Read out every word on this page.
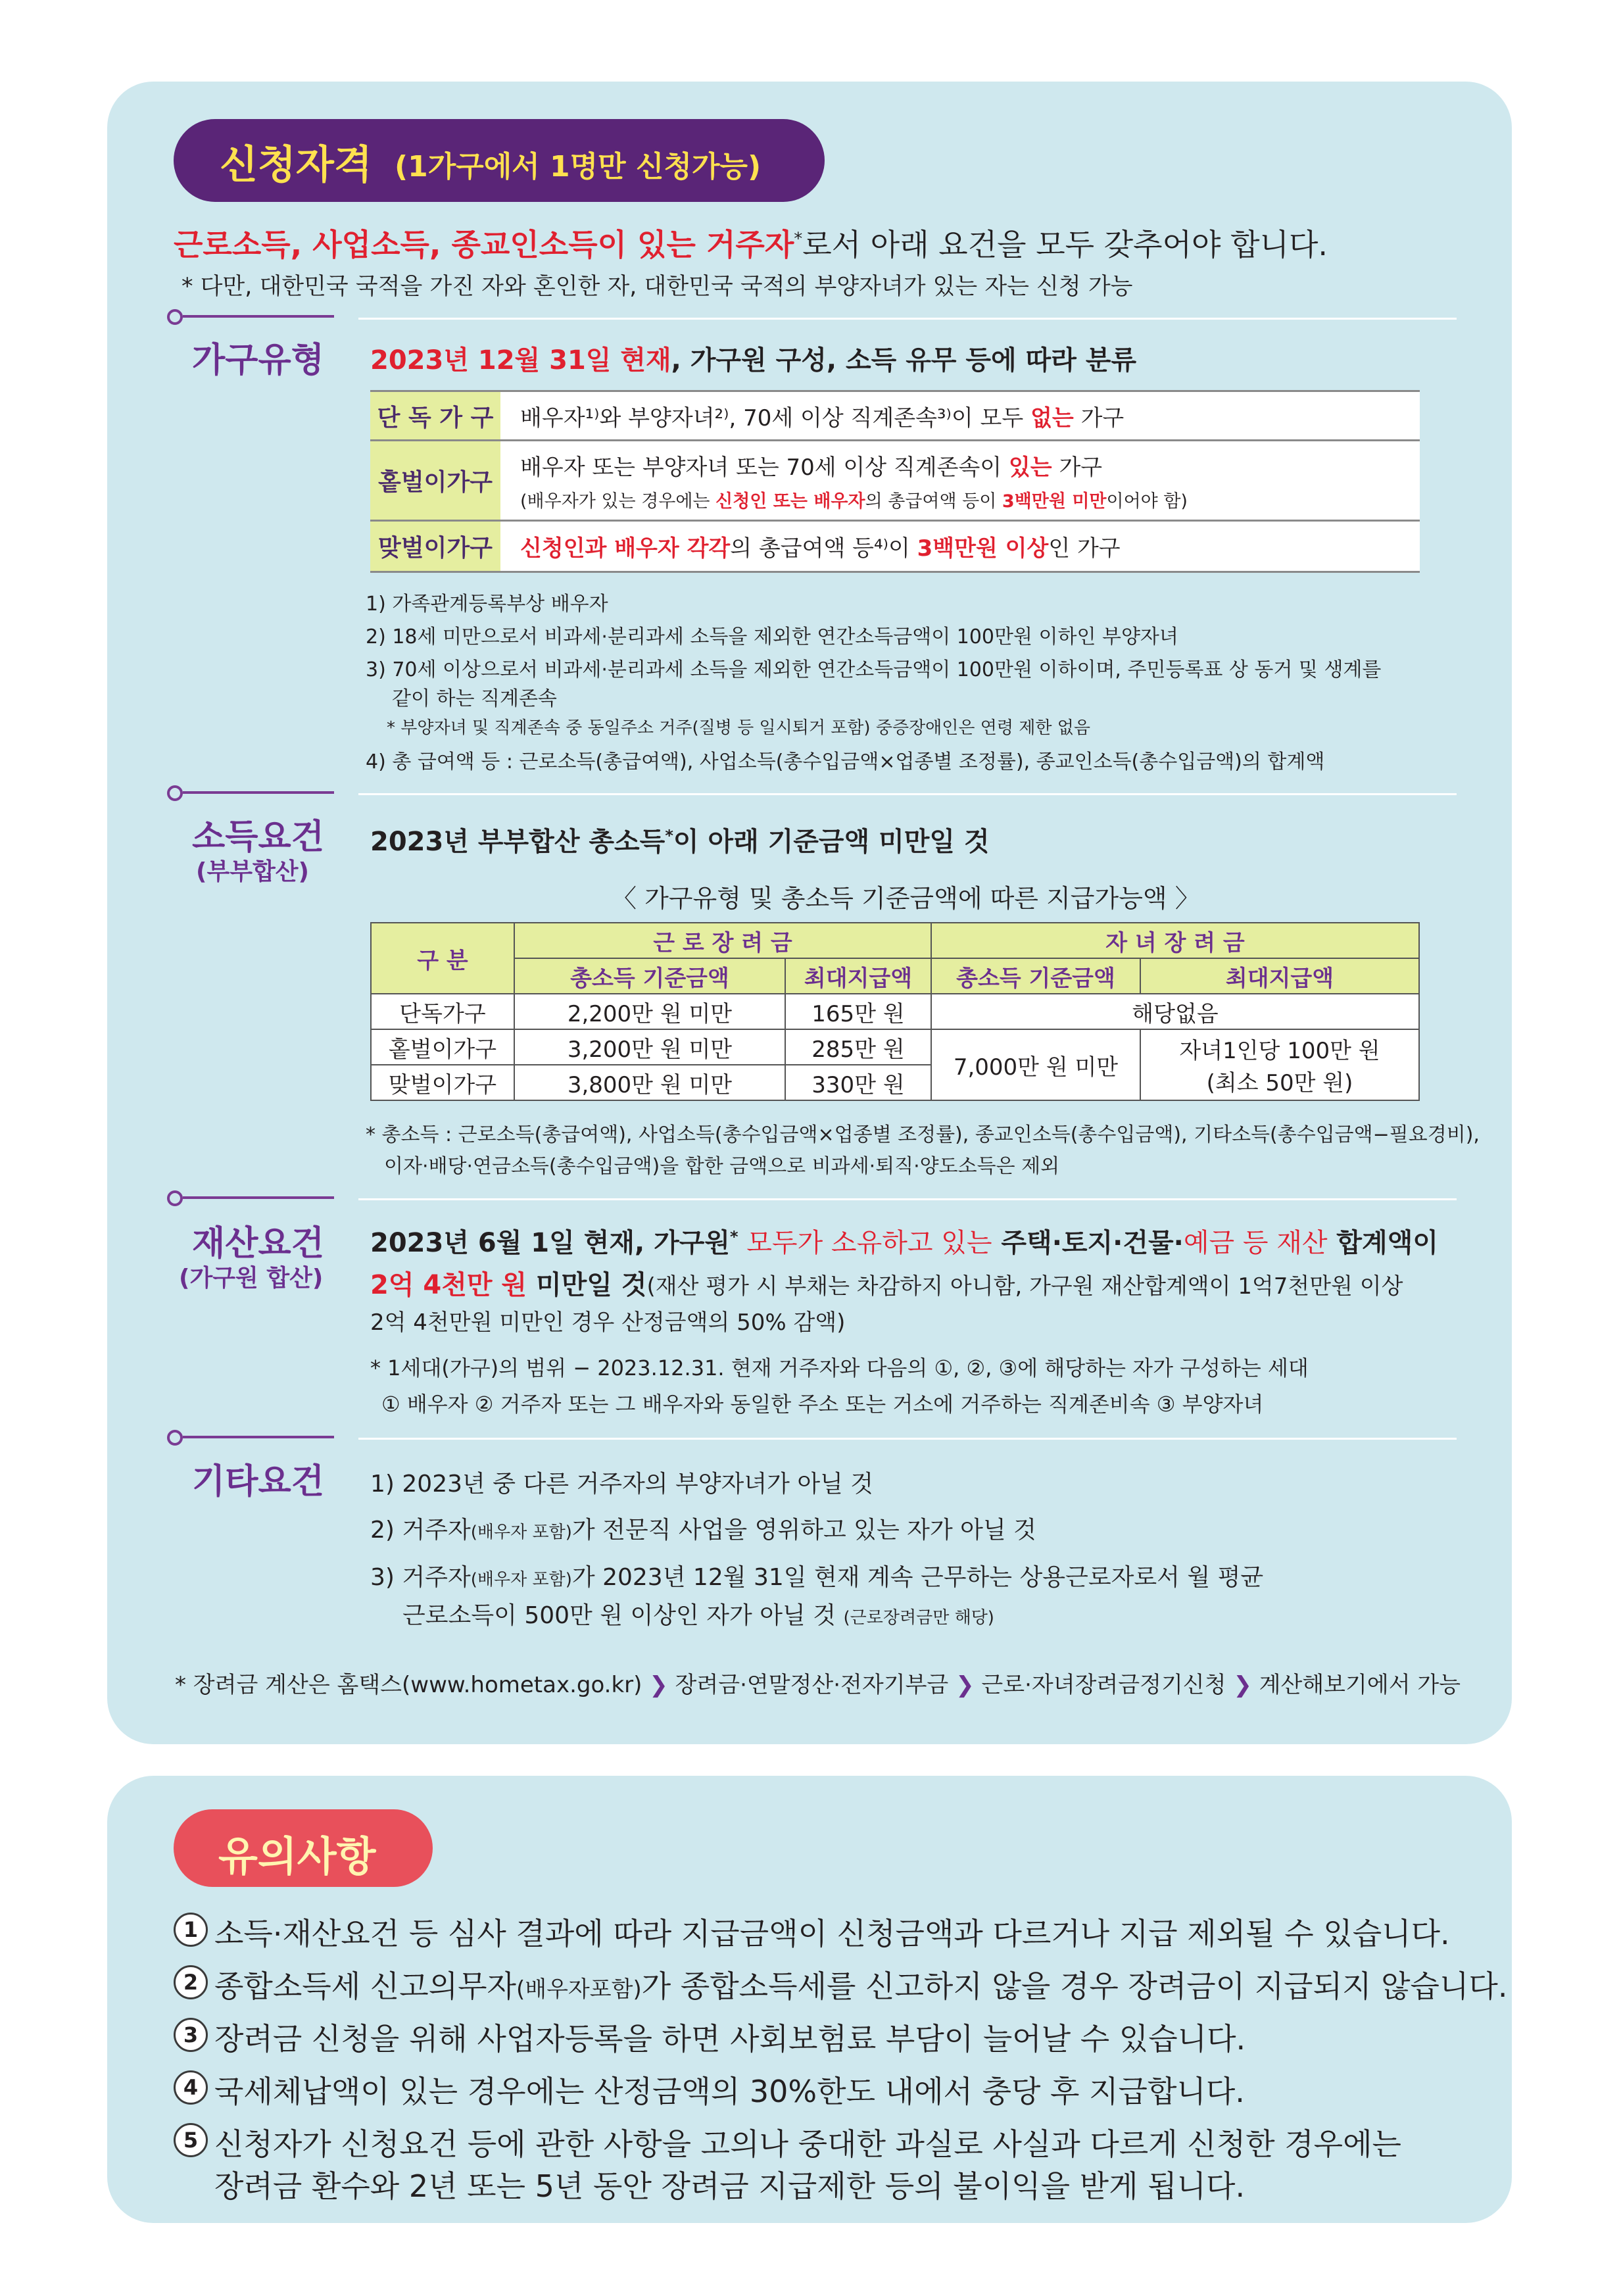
신청자격 (1가구에서 1명만 신청가능)
근로소득, 사업소득, 종교인소득이 있는 거주자*로서 아래 요건을 모두 갖추어야 합니다.
* 다만, 대한민국 국적을 가진 자와 혼인한 자, 대한민국 국적의 부양자녀가 있는 자는 신청 가능
가구유형 2023년 12월 31일 현재, 가구원 구성, 소득 유무 등에 따라 분류
단 독 가 구	배우자¹⁾와 부양자녀²⁾, 70세 이상 직계존속³⁾이 모두 없는 가구
홑벌이가구	배우자 또는 부양자녀 또는 70세 이상 직계존속이 있는 가구
(배우자가 있는 경우에는 신청인 또는 배우자의 총급여액 등이 3백만원 미만이어야 함)

맞벌이가구	신청인과 배우자 각각의 총급여액 등⁴⁾이 3백만원 이상인 가구
1) 가족관계등록부상 배우자
2) 18세 미만으로서 비과세·분리과세 소득을 제외한 연간소득금액이 100만원 이하인 부양자녀
3) 70세 이상으로서 비과세·분리과세 소득을 제외한 연간소득금액이 100만원 이하이며, 주민등록표 상 동거 및 생계를
같이 하는 직계존속
* 부양자녀 및 직계존속 중 동일주소 거주(질병 등 일시퇴거 포함) 중증장애인은 연령 제한 없음
4) 총 급여액 등 : 근로소득(총급여액), 사업소득(총수입금액×업종별 조정률), 종교인소득(총수입금액)의 합계액
소득요건
(부부합산)
2023년 부부합산 총소득*이 아래 기준금액 미만일 것
〈 가구유형 및 총소득 기준금액에 따른 지급가능액 〉
구 분	근 로 장 려 금		자 녀 장 려 금	
	총소득 기준금액	최대지급액	총소득 기준금액	최대지급액
단독가구	2,200만 원 미만	165만 원	해당없음	
홑벌이가구	3,200만 원 미만	285만 원	7,000만 원 미만	자녀1인당 100만 원
(최소 50만 원)

맞벌이가구	3,800만 원 미만	330만 원		
* 총소득 : 근로소득(총급여액), 사업소득(총수입금액×업종별 조정률), 종교인소득(총수입금액), 기타소득(총수입금액−필요경비),
이자·배당·연금소득(총수입금액)을 합한 금액으로 비과세·퇴직·양도소득은 제외
재산요건
(가구원 합산)
2023년 6월 1일 현재, 가구원* 모두가 소유하고 있는 주택·토지·건물·예금 등 재산 합계액이
2억 4천만 원 미만일 것(재산 평가 시 부채는 차감하지 아니함, 가구원 재산합계액이 1억7천만원 이상
2억 4천만원 미만인 경우 산정금액의 50% 감액)
* 1세대(가구)의 범위 − 2023.12.31. 현재 거주자와 다음의 ①, ②, ③에 해당하는 자가 구성하는 세대
① 배우자 ② 거주자 또는 그 배우자와 동일한 주소 또는 거소에 거주하는 직계존비속 ③ 부양자녀
기타요건 1) 2023년 중 다른 거주자의 부양자녀가 아닐 것
2) 거주자(배우자 포함)가 전문직 사업을 영위하고 있는 자가 아닐 것
3) 거주자(배우자 포함)가 2023년 12월 31일 현재 계속 근무하는 상용근로자로서 월 평균
근로소득이 500만 원 이상인 자가 아닐 것 (근로장려금만 해당)
* 장려금 계산은 홈택스(www.hometax.go.kr) ❯ 장려금·연말정산·전자기부금 ❯ 근로·자녀장려금정기신청 ❯ 계산해보기에서 가능
유의사항
1 소득·재산요건 등 심사 결과에 따라 지급금액이 신청금액과 다르거나 지급 제외될 수 있습니다.
2 종합소득세 신고의무자(배우자포함)가 종합소득세를 신고하지 않을 경우 장려금이 지급되지 않습니다.
3 장려금 신청을 위해 사업자등록을 하면 사회보험료 부담이 늘어날 수 있습니다.
4 국세체납액이 있는 경우에는 산정금액의 30%한도 내에서 충당 후 지급합니다.
5 신청자가 신청요건 등에 관한 사항을 고의나 중대한 과실로 사실과 다르게 신청한 경우에는
장려금 환수와 2년 또는 5년 동안 장려금 지급제한 등의 불이익을 받게 됩니다.
